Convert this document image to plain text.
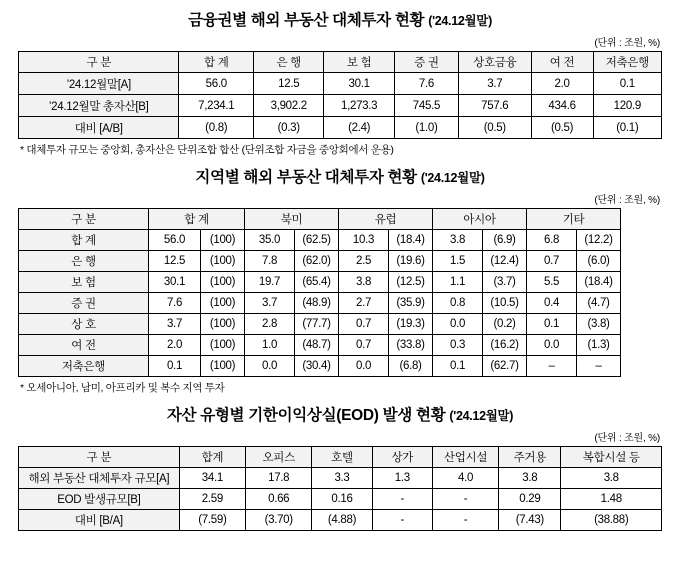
금융권별 해외 부동산 대체투자 현황 ('24.12월말)
(단위 : 조원, %)
구 분	합 계	은 행	보 험	증 권	상호금융	여 전	저축은행
’24.12월말[A]	56.0	12.5	30.1	7.6	3.7	2.0	0.1
’24.12월말 총자산[B]	7,234.1	3,902.2	1,273.3	745.5	757.6	434.6	120.9
대비 [A/B]	(0.8)	(0.3)	(2.4)	(1.0)	(0.5)	(0.5)	(0.1)
* 대체투자 규모는 중앙회, 총자산은 단위조합 합산 (단위조합 자금을 중앙회에서 운용)
지역별 해외 부동산 대체투자 현황 ('24.12월말)
(단위 : 조원, %)
구 분	합 계		북미		유럽		아시아		기타	
합 계	56.0	(100)	35.0	(62.5)	10.3	(18.4)	3.8	(6.9)	6.8	(12.2)
은 행	12.5	(100)	7.8	(62.0)	2.5	(19.6)	1.5	(12.4)	0.7	(6.0)
보 험	30.1	(100)	19.7	(65.4)	3.8	(12.5)	1.1	(3.7)	5.5	(18.4)
증 권	7.6	(100)	3.7	(48.9)	2.7	(35.9)	0.8	(10.5)	0.4	(4.7)
상 호	3.7	(100)	2.8	(77.7)	0.7	(19.3)	0.0	(0.2)	0.1	(3.8)
여 전	2.0	(100)	1.0	(48.7)	0.7	(33.8)	0.3	(16.2)	0.0	(1.3)
저축은행	0.1	(100)	0.0	(30.4)	0.0	(6.8)	0.1	(62.7)	–	–
* 오세아니아, 남미, 아프리카 및 복수 지역 투자
자산 유형별 기한이익상실(EOD) 발생 현황 ('24.12월말)
(단위 : 조원, %)
구 분	합계	오피스	호텔	상가	산업시설	주거용	복합시설 등
해외 부동산 대체투자 규모[A]	34.1	17.8	3.3	1.3	4.0	3.8	3.8
EOD 발생규모[B]	2.59	0.66	0.16	-	-	0.29	1.48
대비 [B/A]	(7.59)	(3.70)	(4.88)	-	-	(7.43)	(38.88)
